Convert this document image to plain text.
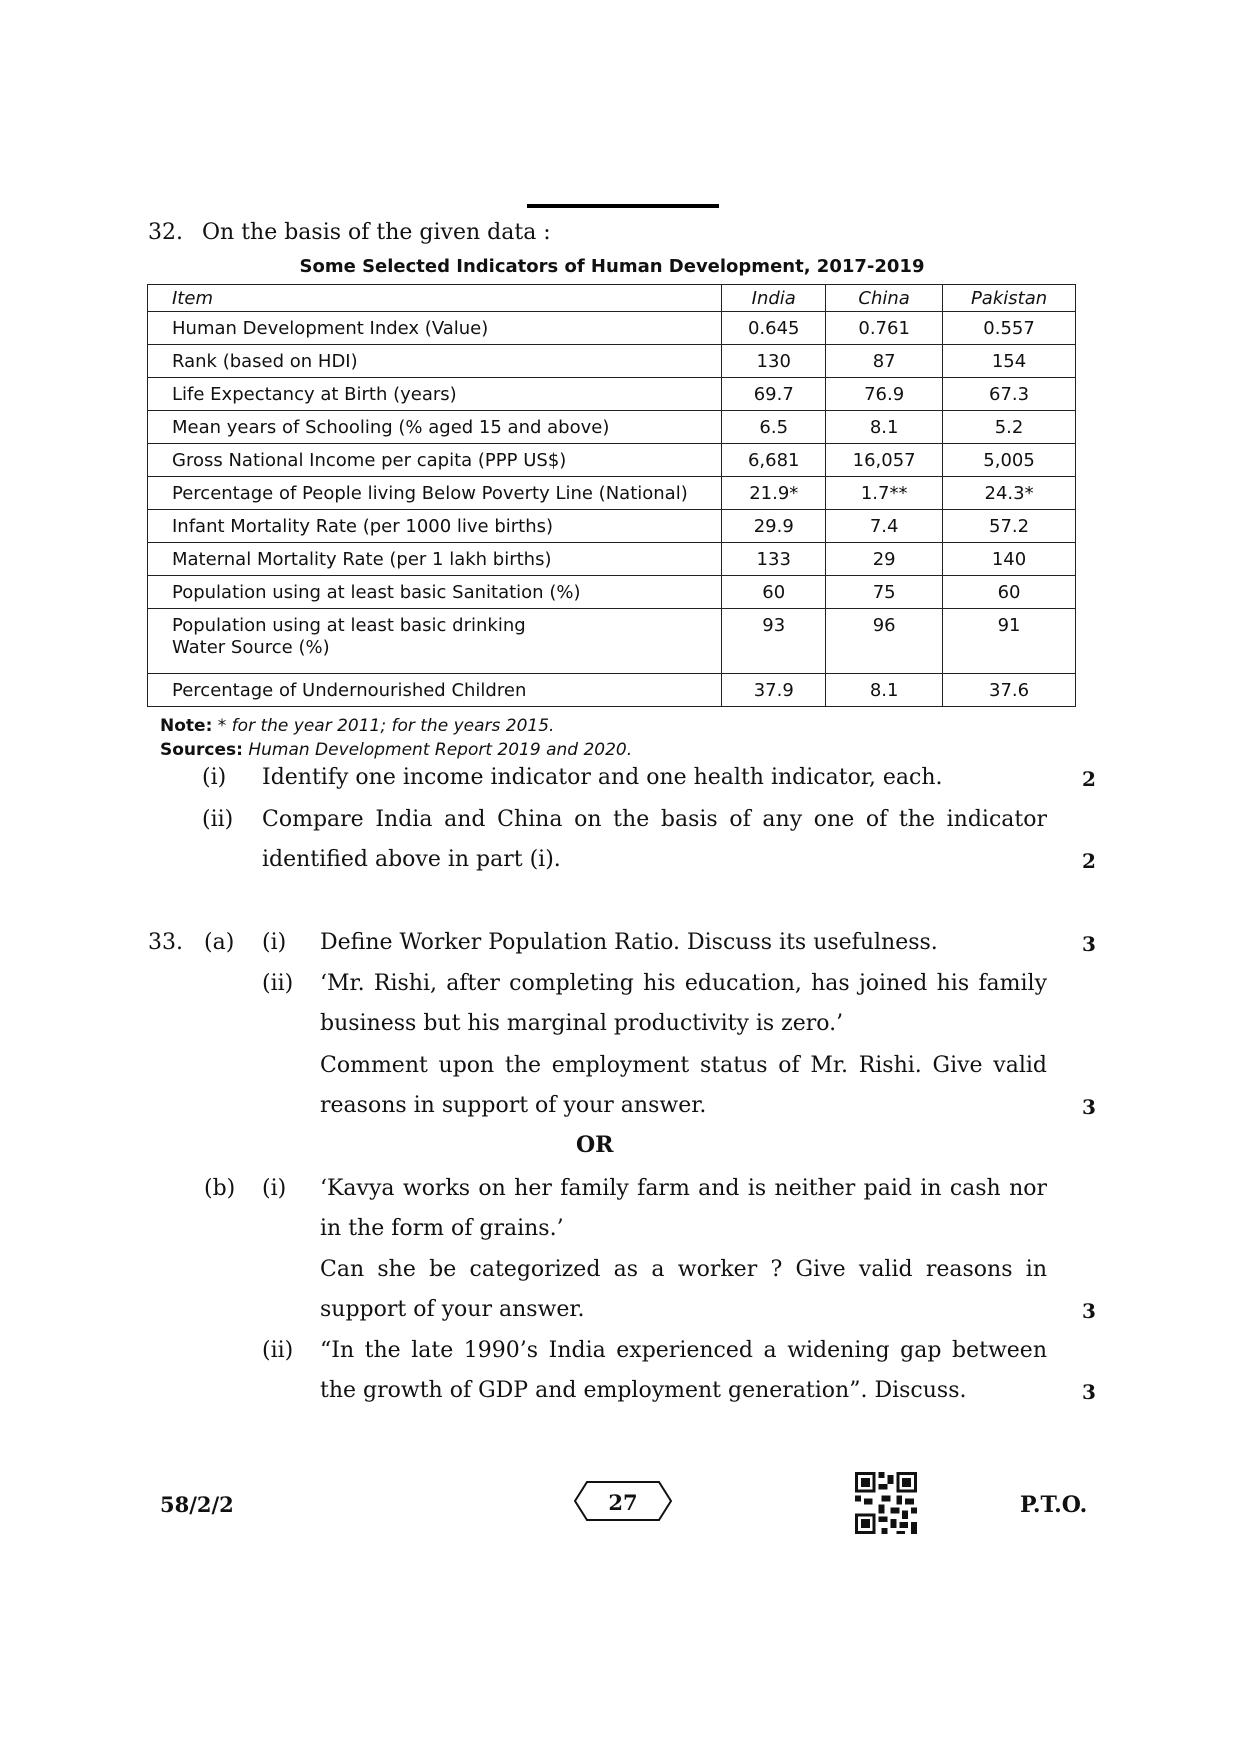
32. On the basis of the given data :
Some Selected Indicators of Human Development, 2017-2019
Item	India	China	Pakistan
Human Development Index (Value)	0.645	0.761	0.557
Rank (based on HDI)	130	87	154
Life Expectancy at Birth (years)	69.7	76.9	67.3
Mean years of Schooling (% aged 15 and above)	6.5	8.1	5.2
Gross National Income per capita (PPP US$)	6,681	16,057	5,005
Percentage of People living Below Poverty Line (National)	21.9*	1.7**	24.3*
Infant Mortality Rate (per 1000 live births)	29.9	7.4	57.2
Maternal Mortality Rate (per 1 lakh births)	133	29	140
Population using at least basic Sanitation (%)	60	75	60

Population using at least basic drinking
Water Source (%)	93	96	91
Percentage of Undernourished Children	37.9	8.1	37.6
Note: * for the year 2011; for the years 2015.
Sources: Human Development Report 2019 and 2020.
(i) Identify one income indicator and one health indicator, each.	2
(ii) Compare India and China on the basis of any one of the indicator
identified above in part (i).	2
33. (a) (i) Define Worker Population Ratio. Discuss its usefulness.	3
(ii) ‘Mr. Rishi, after completing his education, has joined his family
business but his marginal productivity is zero.’
Comment upon the employment status of Mr. Rishi. Give valid
reasons in support of your answer.	3
OR
(b) (i) ‘Kavya works on her family farm and is neither paid in cash nor
in the form of grains.’
Can she be categorized as a worker ? Give valid reasons in
support of your answer.	3
(ii) “In the late 1990’s India experienced a widening gap between
the growth of GDP and employment generation”. Discuss.	3
58/2/2	27	P.T.O.
